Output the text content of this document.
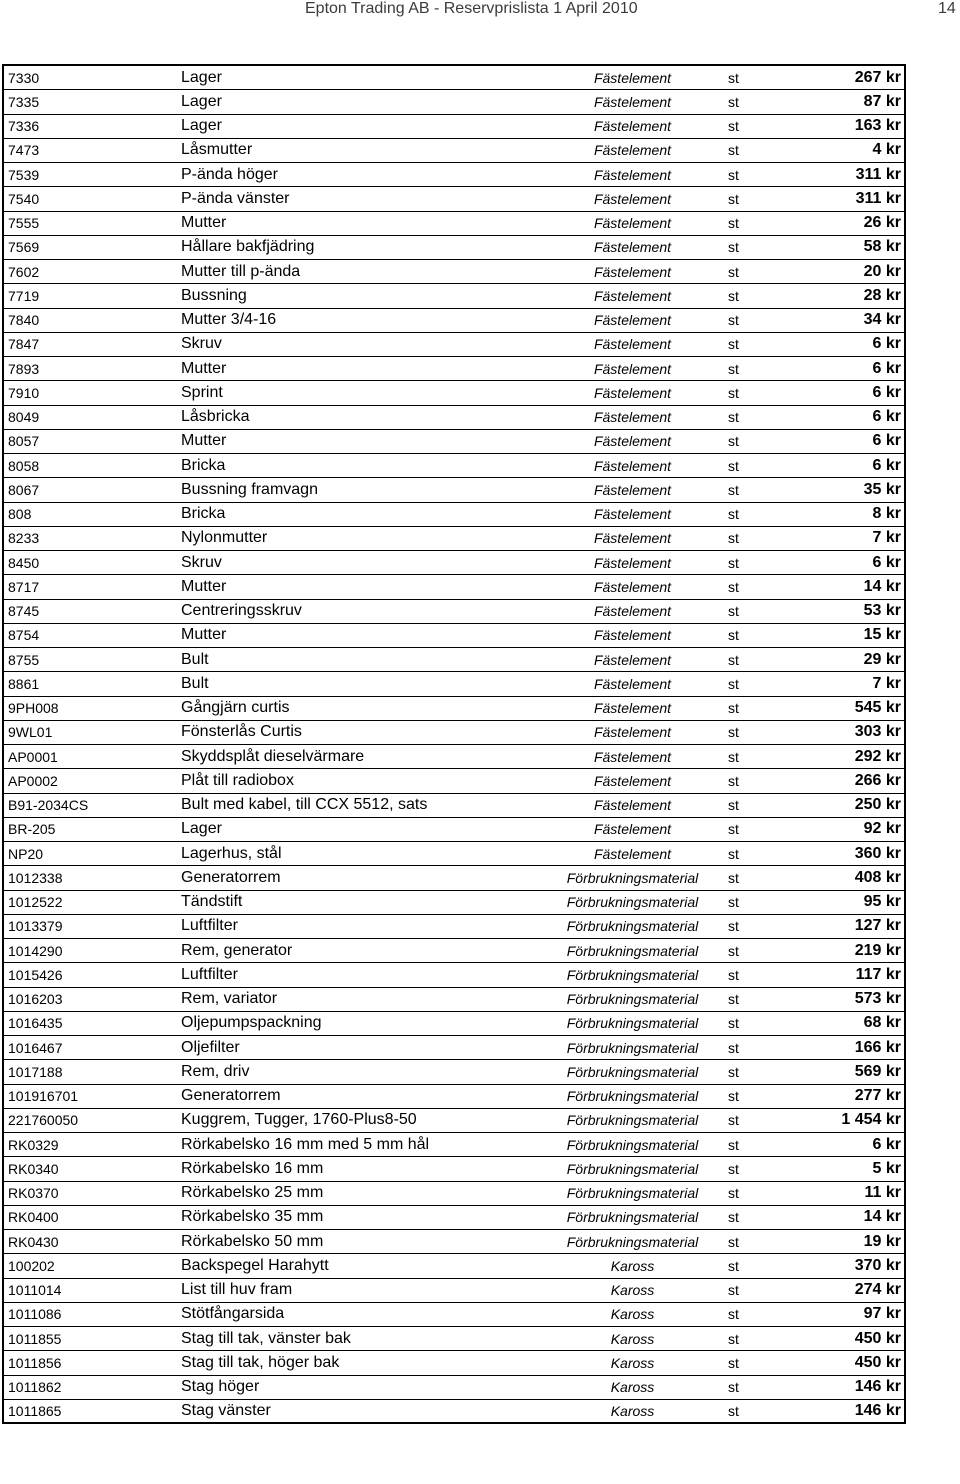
Epton Trading AB - Reservprislista 1 April 2010	14
7330	Lager	Fästelement	st	267 kr
7335	Lager	Fästelement	st	87 kr
7336	Lager	Fästelement	st	163 kr
7473	Låsmutter	Fästelement	st	4 kr
7539	P-ända höger	Fästelement	st	311 kr
7540	P-ända vänster	Fästelement	st	311 kr
7555	Mutter	Fästelement	st	26 kr
7569	Hållare bakfjädring	Fästelement	st	58 kr
7602	Mutter till p-ända	Fästelement	st	20 kr
7719	Bussning	Fästelement	st	28 kr
7840	Mutter 3/4-16	Fästelement	st	34 kr
7847	Skruv	Fästelement	st	6 kr
7893	Mutter	Fästelement	st	6 kr
7910	Sprint	Fästelement	st	6 kr
8049	Låsbricka	Fästelement	st	6 kr
8057	Mutter	Fästelement	st	6 kr
8058	Bricka	Fästelement	st	6 kr
8067	Bussning framvagn	Fästelement	st	35 kr
808	Bricka	Fästelement	st	8 kr
8233	Nylonmutter	Fästelement	st	7 kr
8450	Skruv	Fästelement	st	6 kr
8717	Mutter	Fästelement	st	14 kr
8745	Centreringsskruv	Fästelement	st	53 kr
8754	Mutter	Fästelement	st	15 kr
8755	Bult	Fästelement	st	29 kr
8861	Bult	Fästelement	st	7 kr
9PH008	Gångjärn curtis	Fästelement	st	545 kr
9WL01	Fönsterlås Curtis	Fästelement	st	303 kr
AP0001	Skyddsplåt dieselvärmare	Fästelement	st	292 kr
AP0002	Plåt till radiobox	Fästelement	st	266 kr
B91-2034CS	Bult med kabel, till CCX 5512, sats	Fästelement	st	250 kr
BR-205	Lager	Fästelement	st	92 kr
NP20	Lagerhus, stål	Fästelement	st	360 kr
1012338	Generatorrem	Förbrukningsmaterial	st	408 kr
1012522	Tändstift	Förbrukningsmaterial	st	95 kr
1013379	Luftfilter	Förbrukningsmaterial	st	127 kr
1014290	Rem, generator	Förbrukningsmaterial	st	219 kr
1015426	Luftfilter	Förbrukningsmaterial	st	117 kr
1016203	Rem, variator	Förbrukningsmaterial	st	573 kr
1016435	Oljepumpspackning	Förbrukningsmaterial	st	68 kr
1016467	Oljefilter	Förbrukningsmaterial	st	166 kr
1017188	Rem, driv	Förbrukningsmaterial	st	569 kr
101916701	Generatorrem	Förbrukningsmaterial	st	277 kr
221760050	Kuggrem, Tugger, 1760-Plus8-50	Förbrukningsmaterial	st	1 454 kr
RK0329	Rörkabelsko 16 mm med 5 mm hål	Förbrukningsmaterial	st	6 kr
RK0340	Rörkabelsko 16 mm	Förbrukningsmaterial	st	5 kr
RK0370	Rörkabelsko 25 mm	Förbrukningsmaterial	st	11 kr
RK0400	Rörkabelsko 35 mm	Förbrukningsmaterial	st	14 kr
RK0430	Rörkabelsko 50 mm	Förbrukningsmaterial	st	19 kr
100202	Backspegel Harahytt	Kaross	st	370 kr
1011014	List till huv fram	Kaross	st	274 kr
1011086	Stötfångarsida	Kaross	st	97 kr
1011855	Stag till tak, vänster bak	Kaross	st	450 kr
1011856	Stag till tak, höger bak	Kaross	st	450 kr
1011862	Stag höger	Kaross	st	146 kr
1011865	Stag vänster	Kaross	st	146 kr
